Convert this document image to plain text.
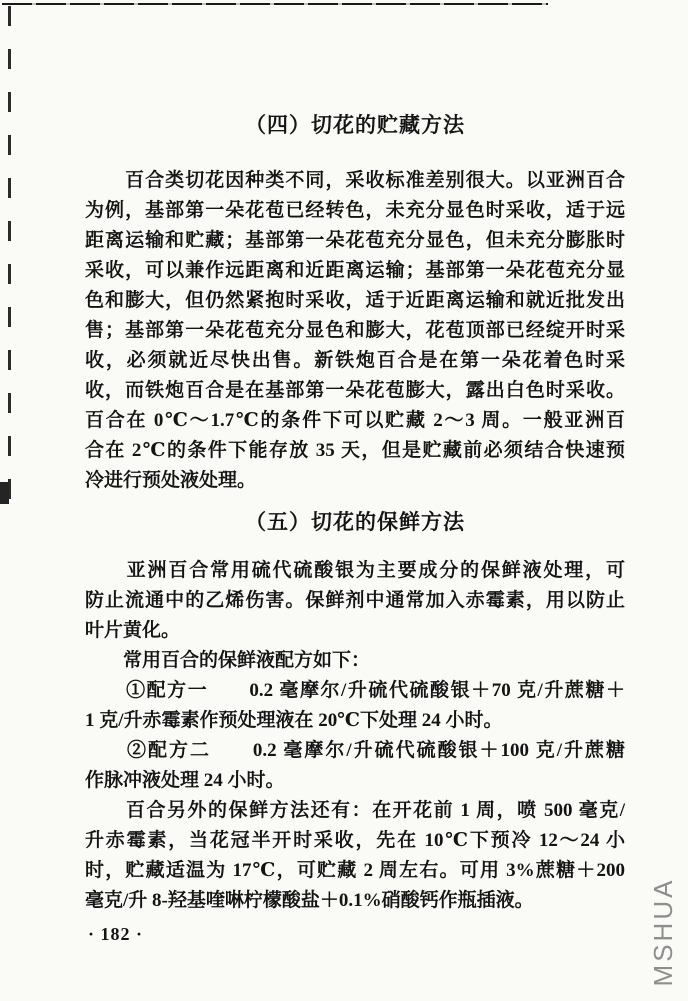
（四）切花的贮藏方法
　　百合类切花因种类不同，采收标准差别很大。以亚洲百合
为例，基部第一朵花苞已经转色，未充分显色时采收，适于远
距离运输和贮藏；基部第一朵花苞充分显色，但未充分膨胀时
采收，可以兼作远距离和近距离运输；基部第一朵花苞充分显
色和膨大，但仍然紧抱时采收，适于近距离运输和就近批发出
售；基部第一朵花苞充分显色和膨大，花苞顶部已经绽开时采
收，必须就近尽快出售。新铁炮百合是在第一朵花着色时采
收，而铁炮百合是在基部第一朵花苞膨大，露出白色时采收。
百合在 0℃～1.7℃的条件下可以贮藏 2～3 周。一般亚洲百
合在 2℃的条件下能存放 35 天，但是贮藏前必须结合快速预
冷进行预处液处理。
（五）切花的保鲜方法
　　亚洲百合常用硫代硫酸银为主要成分的保鲜液处理，可
防止流通中的乙烯伤害。保鲜剂中通常加入赤霉素，用以防止
叶片黄化。
　　常用百合的保鲜液配方如下：
　　①配方一　　0.2 毫摩尔/升硫代硫酸银＋70 克/升蔗糖＋
1 克/升赤霉素作预处理液在 20℃下处理 24 小时。
　　②配方二　　0.2 毫摩尔/升硫代硫酸银＋100 克/升蔗糖
作脉冲液处理 24 小时。
　　百合另外的保鲜方法还有：在开花前 1 周，喷 500 毫克/
升赤霉素，当花冠半开时采收，先在 10℃下预冷 12～24 小
时，贮藏适温为 17℃，可贮藏 2 周左右。可用 3%蔗糖＋200
毫克/升 8-羟基喹啉柠檬酸盐＋0.1%硝酸钙作瓶插液。
· 182 ·	MSHUA
